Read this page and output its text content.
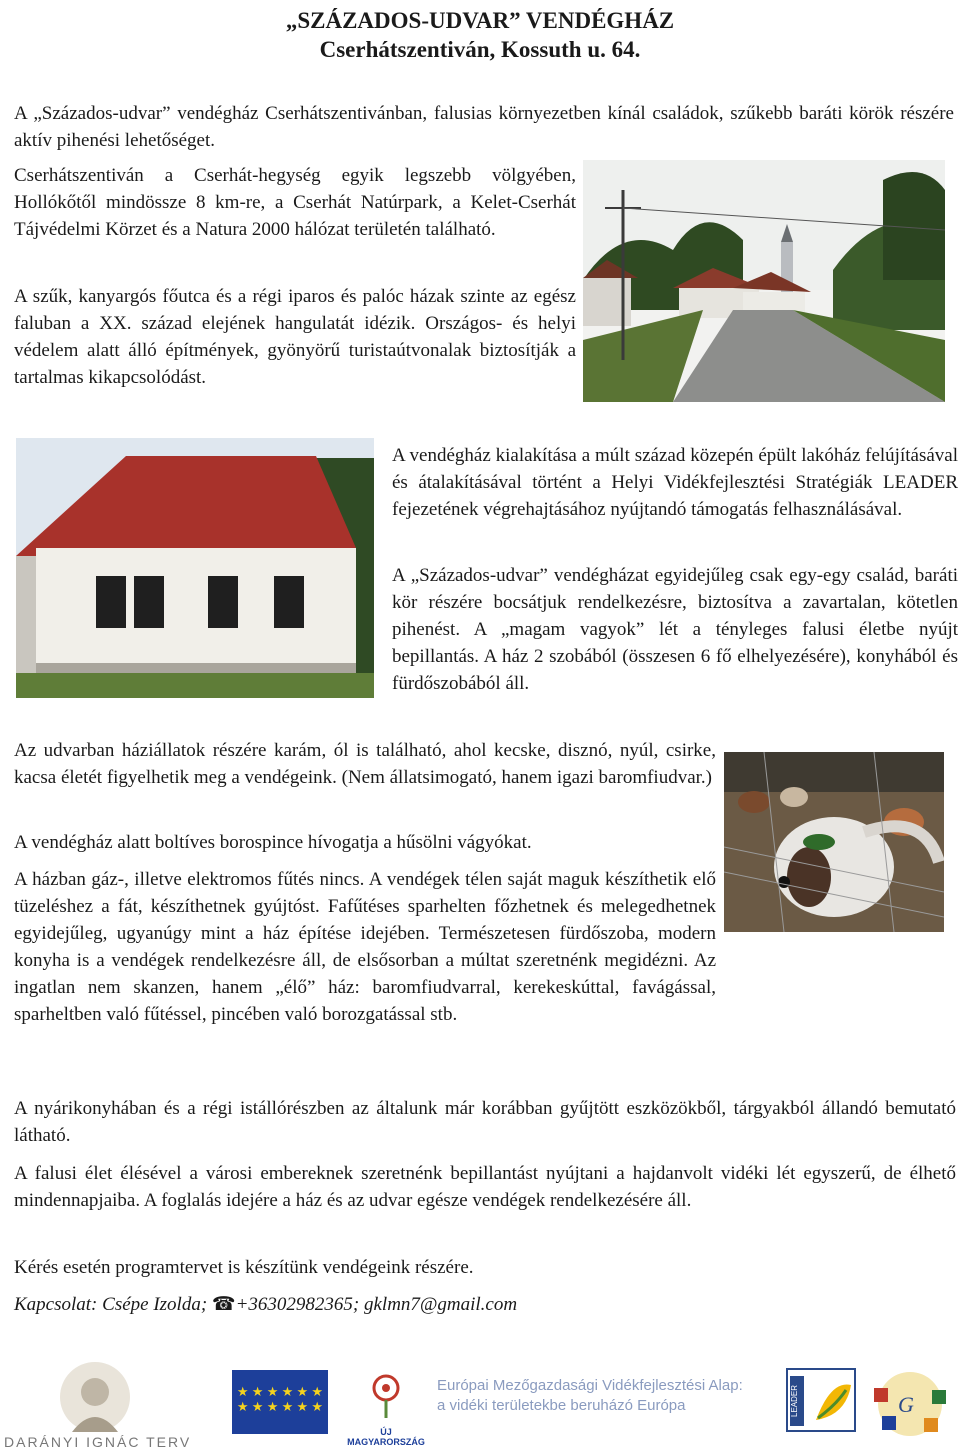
„SZÁZADOS-UDVAR” VENDÉGHÁZ
Cserhátszentiván, Kossuth u. 64.

A „Százados-udvar” vendégház Cserhátszentivánban, falusias környezetben kínál családok, szűkebb baráti körök részére aktív pihenési lehetőséget.

Cserhátszentiván a Cserhát-hegység egyik legszebb völgyében, Hollókőtől mindössze 8 km-re, a Cserhát Natúrpark, a Kelet-Cserhát Tájvédelmi Körzet és a Natura 2000 hálózat területén található.

A szűk, kanyargós főutca és a régi iparos és palóc házak szinte az egész faluban a XX. század elejének hangulatát idézik. Országos- és helyi védelem alatt álló építmények, gyönyörű turistaútvonalak biztosítják a tartalmas kikapcsolódást.

A vendégház kialakítása a múlt század közepén épült lakóház felújításával és átalakításával történt a Helyi Vidékfejlesztési Stratégiák LEADER fejezetének végrehajtásához nyújtandó támogatás felhasználásával.

A „Százados-udvar” vendégházat egyidejűleg csak egy-egy család, baráti kör részére bocsátjuk rendelkezésre, biztosítva a zavartalan, kötetlen pihenést. A „magam vagyok” lét a tényleges falusi életbe nyújt bepillantás. A ház 2 szobából (összesen 6 fő elhelyezésére), konyhából és fürdőszobából áll.

Az udvarban háziállatok részére karám, ól is található, ahol kecske, disznó, nyúl, csirke, kacsa életét figyelhetik meg a vendégeink. (Nem állatsimogató, hanem igazi baromfiudvar.)

A vendégház alatt boltíves borospince hívogatja a hűsölni vágyókat.

A házban gáz-, illetve elektromos fűtés nincs. A vendégek télen saját maguk készíthetik elő tüzeléshez a fát, készíthetnek gyújtóst. Fafűtéses sparhelten főzhetnek és melegedhetnek egyidejűleg, ugyanúgy mint a ház építése idejében. Természetesen fürdőszoba, modern konyha is a vendégek rendelkezésre áll, de elsősorban a múltat szeretnénk megidézni. Az ingatlan nem skanzen, hanem „élő” ház: baromfiudvarral, kerekeskúttal, favágással, sparheltben való fűtéssel, pincében való borozgatással stb.

A nyárikonyhában és a régi istállórészben az általunk már korábban gyűjtött eszközökből, tárgyakból állandó bemutató látható.

A falusi élet élésével a városi embereknek szeretnénk bepillantást nyújtani a hajdanvolt vidéki lét egyszerű, de élhető mindennapjaiba. A foglalás idejére a ház és az udvar egésze vendégek rendelkezésére áll.

Kérés esetén programtervet is készítünk vendégeink részére.

Kapcsolat: Csépe Izolda; ☎+36302982365; gklmn7@gmail.com

DARÁNYI IGNÁC TERV
★ ★ ★ ★ ★ ★ ★ ★ ★ ★ ★ ★
ÚJ MAGYARORSZÁG
Európai Mezőgazdasági Vidékfejlesztési Alap:
a vidéki területekbe beruházó Európa	LEADER	G
